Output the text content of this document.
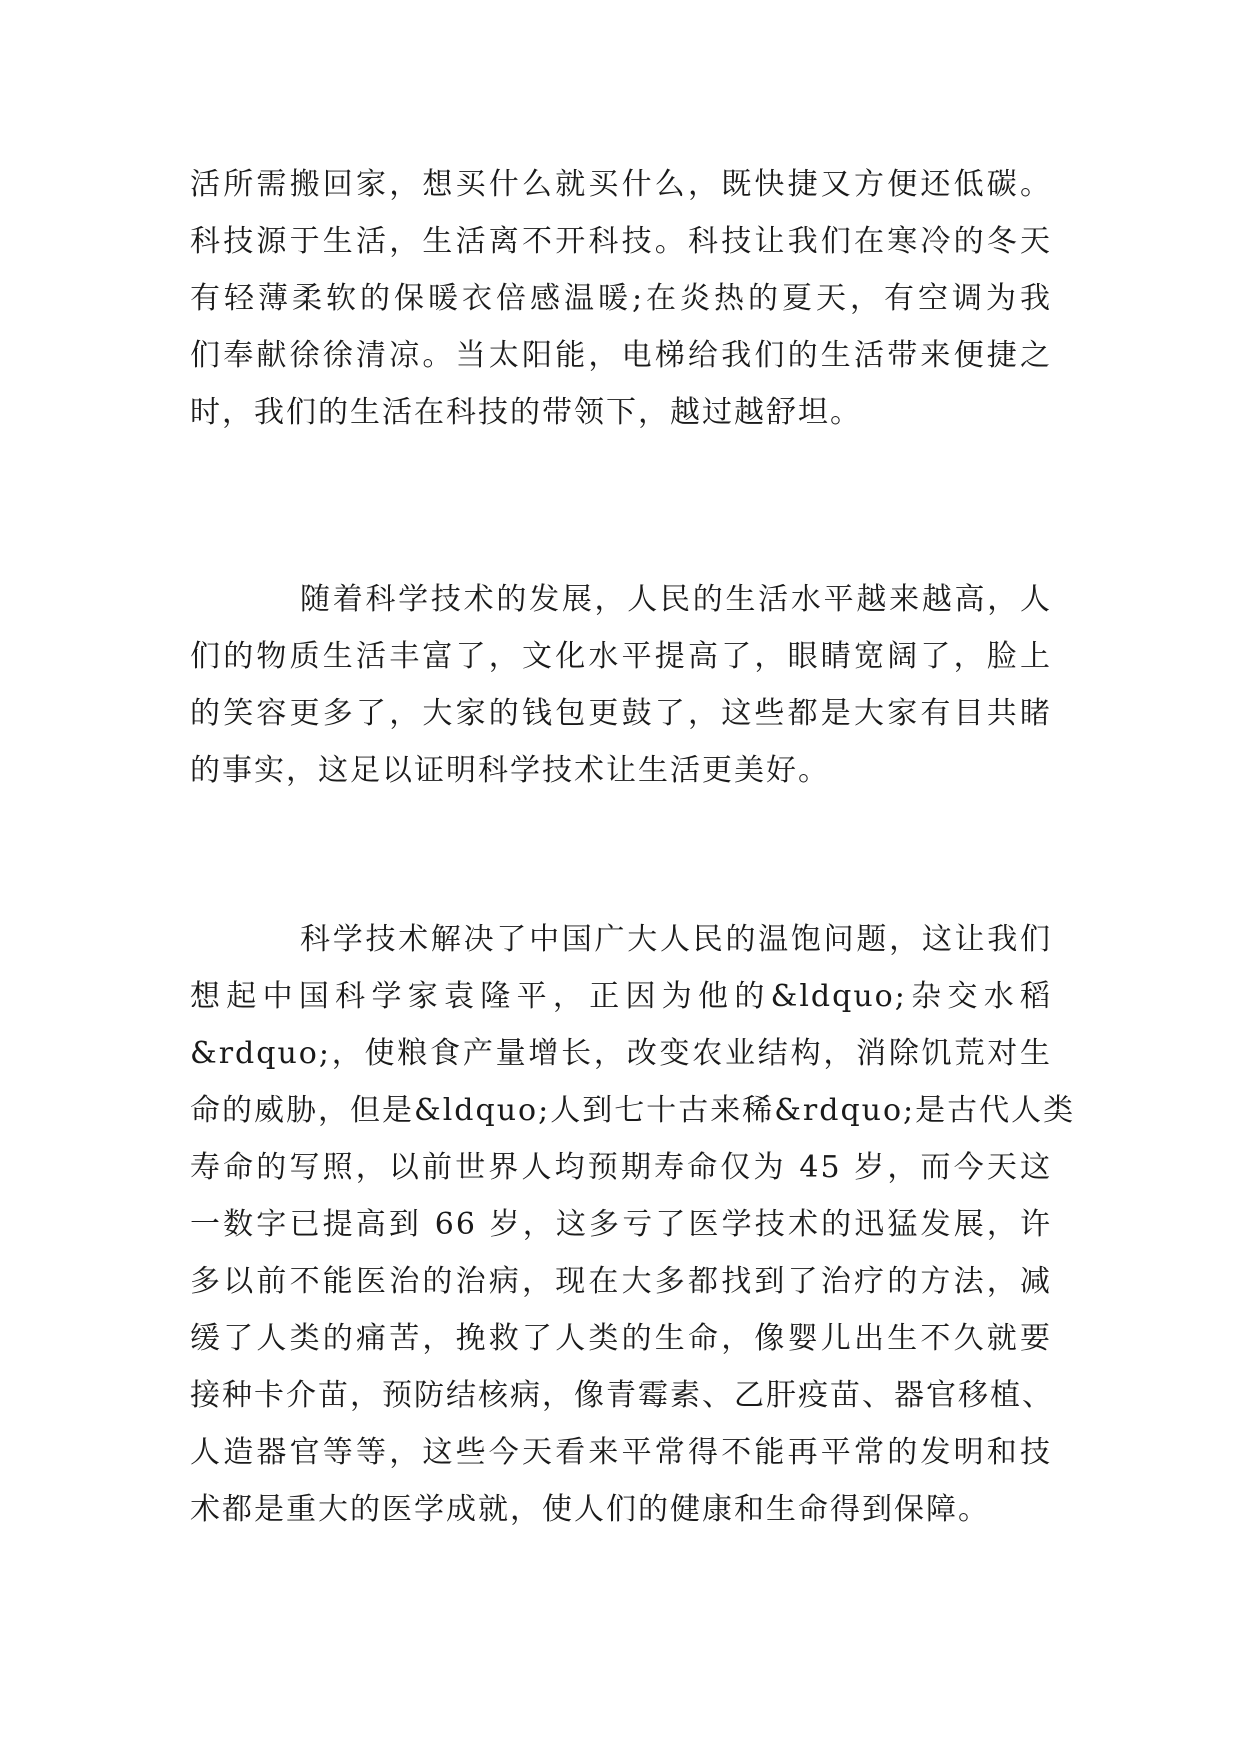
活所需搬回家，想买什么就买什么，既快捷又方便还低碳。
科技源于生活，生活离不开科技。科技让我们在寒冷的冬天
有轻薄柔软的保暖衣倍感温暖;在炎热的夏天，有空调为我
们奉献徐徐清凉。当太阳能，电梯给我们的生活带来便捷之
时，我们的生活在科技的带领下，越过越舒坦。
随着科学技术的发展，人民的生活水平越来越高，人
们的物质生活丰富了，文化水平提高了，眼睛宽阔了，脸上
的笑容更多了，大家的钱包更鼓了，这些都是大家有目共睹
的事实，这足以证明科学技术让生活更美好。
科学技术解决了中国广大人民的温饱问题，这让我们
想起中国科学家袁隆平，正因为他的&ldquo;杂交水稻
&rdquo;，使粮食产量增长，改变农业结构，消除饥荒对生
命的威胁，但是&ldquo;人到七十古来稀&rdquo;是古代人类
寿命的写照，以前世界人均预期寿命仅为 45 岁，而今天这
一数字已提高到 66 岁，这多亏了医学技术的迅猛发展，许
多以前不能医治的治病，现在大多都找到了治疗的方法，减
缓了人类的痛苦，挽救了人类的生命，像婴儿出生不久就要
接种卡介苗，预防结核病，像青霉素、乙肝疫苗、器官移植、
人造器官等等，这些今天看来平常得不能再平常的发明和技
术都是重大的医学成就，使人们的健康和生命得到保障。
